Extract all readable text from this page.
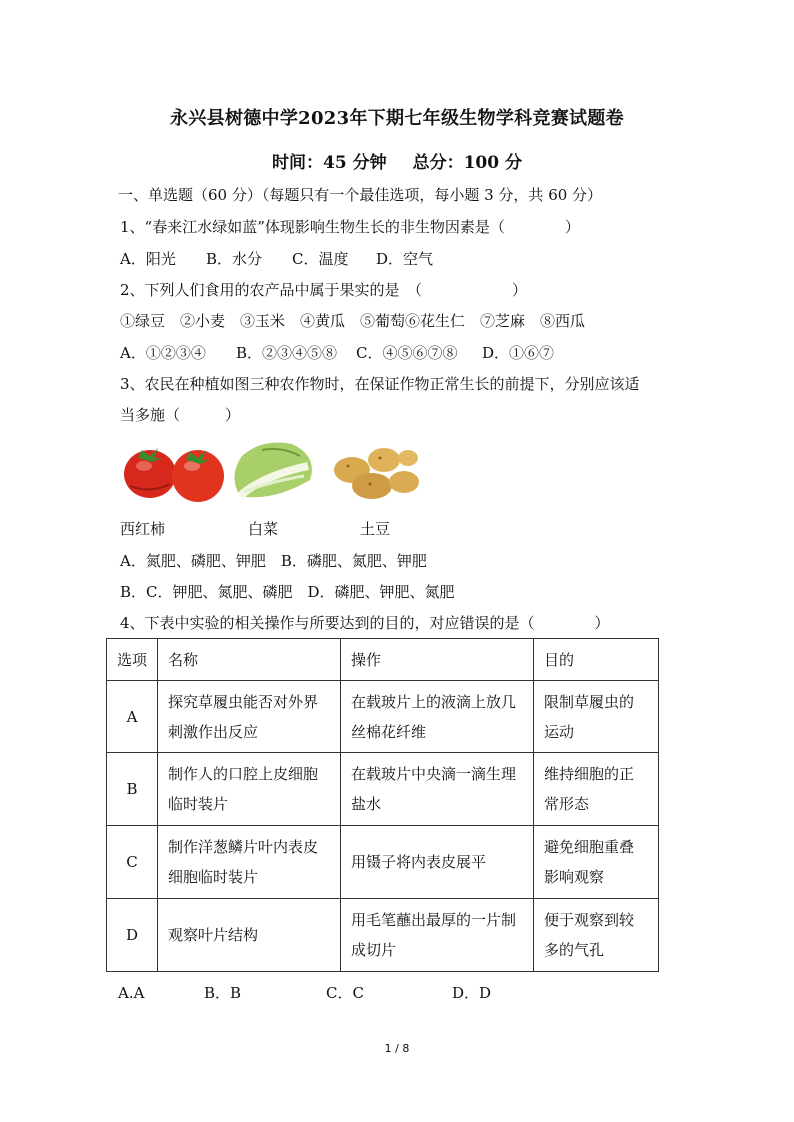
永兴县树德中学2023年下期七年级生物学科竞赛试题卷
时间：45 分钟 总分：100 分
一、单选题（60 分）（每题只有一个最佳选项，每小题 3 分，共 60 分）
1、“春来江水绿如蓝”体现影响生物生长的非生物因素是（　　　　）
A．阳光 B．水分 C．温度 D．空气
2、下列人们食用的农产品中属于果实的是　（　　　　　　）
①绿豆　②小麦　③玉米　④黄瓜　⑤葡萄⑥花生仁　⑦芝麻　⑧西瓜
A．①②③④ B．②③④⑤⑧ C．④⑤⑥⑦⑧ D．①⑥⑦
3、农民在种植如图三种农作物时，在保证作物正常生长的前提下，分别应该适
当多施（　　　）
西红柿	白菜	土豆
A．氮肥、磷肥、钾肥　B．磷肥、氮肥、钾肥
B．C．钾肥、氮肥、磷肥　D．磷肥、钾肥、氮肥
4、下表中实验的相关操作与所要达到的目的，对应错误的是（　　　　）
选项	名称	操作	目的
A	探究草履虫能否对外界刺激作出反应	在载玻片上的液滴上放几丝棉花纤维	限制草履虫的运动
B	制作人的口腔上皮细胞临时装片	在载玻片中央滴一滴生理盐水	维持细胞的正常形态
C	制作洋葱鳞片叶内表皮细胞临时装片	用镊子将内表皮展平	避免细胞重叠影响观察
D	观察叶片结构	用毛笔蘸出最厚的一片制成切片	便于观察到较多的气孔
A.A	B．B	C．C	D．D
1 / 8
